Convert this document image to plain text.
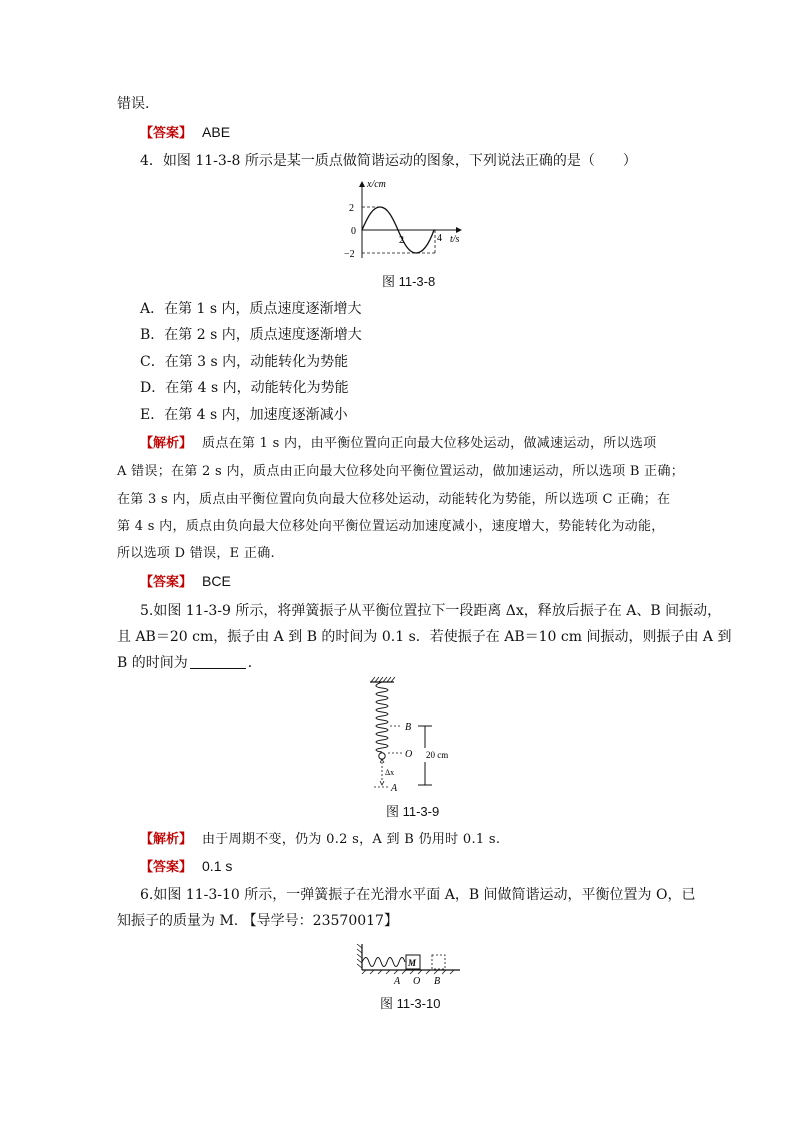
错误.
【答案】 ABE
4．如图 11-3-8 所示是某一质点做简谐运动的图象，下列说法正确的是（　　）
x/cm
2
0
−2
2	4 t/s
图 11-3-8
A．在第 1 s 内，质点速度逐渐增大
B．在第 2 s 内，质点速度逐渐增大
C．在第 3 s 内，动能转化为势能
D．在第 4 s 内，动能转化为势能
E．在第 4 s 内，加速度逐渐减小
【解析】 质点在第 1 s 内，由平衡位置向正向最大位移处运动，做减速运动，所以选项
A 错误；在第 2 s 内，质点由正向最大位移处向平衡位置运动，做加速运动，所以选项 B 正确；
在第 3 s 内，质点由平衡位置向负向最大位移处运动，动能转化为势能，所以选项 C 正确；在
第 4 s 内，质点由负向最大位移处向平衡位置运动加速度减小，速度增大，势能转化为动能，
所以选项 D 错误，E 正确.
【答案】 BCE
5.如图 11-3-9 所示，将弹簧振子从平衡位置拉下一段距离 Δx，释放后振子在 A、B 间振动，
且 AB＝20 cm，振子由 A 到 B 的时间为 0.1 s．若使振子在 AB＝10 cm 间振动，则振子由 A 到
B 的时间为	．
B
O
A
Δx
20 cm
图 11-3-9
【解析】 由于周期不变，仍为 0.2 s，A 到 B 仍用时 0.1 s.
【答案】 0.1 s
6.如图 11-3-10 所示，一弹簧振子在光滑水平面 A，B 间做简谐运动，平衡位置为 O，已
知振子的质量为 M. 【导学号：23570017】
M
A O B
图 11-3-10
